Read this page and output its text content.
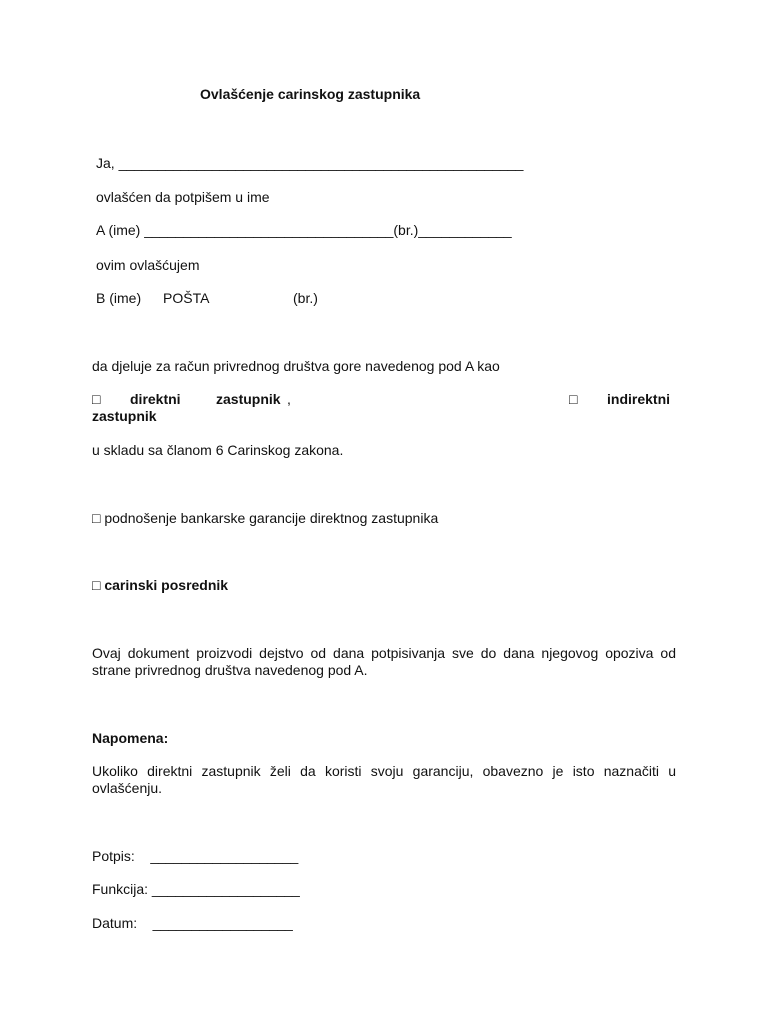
Ovlašćenje carinskog zastupnika
Ja, ____________________________________________________
ovlašćen da potpišem u ime
A (ime) ________________________________(br.)____________
ovim ovlašćujem
B (ime) POŠTA	(br.)
da djeluje za račun privrednog društva gore navedenog pod A kao
□ direktni	zastupnik ,	□ indirektni
zastupnik
u skladu sa članom 6 Carinskog zakona.
□ podnošenje bankarske garancije direktnog zastupnika
□ carinski posrednik
Ovaj dokument proizvodi dejstvo od dana potpisivanja sve do dana njegovog opoziva od strane privrednog društva navedenog pod A.
Napomena:
Ukoliko direktni zastupnik želi da koristi svoju garanciju, obavezno je isto naznačiti u ovlašćenju.
Potpis:    ___________________
Funkcija: ___________________
Datum:    __________________
